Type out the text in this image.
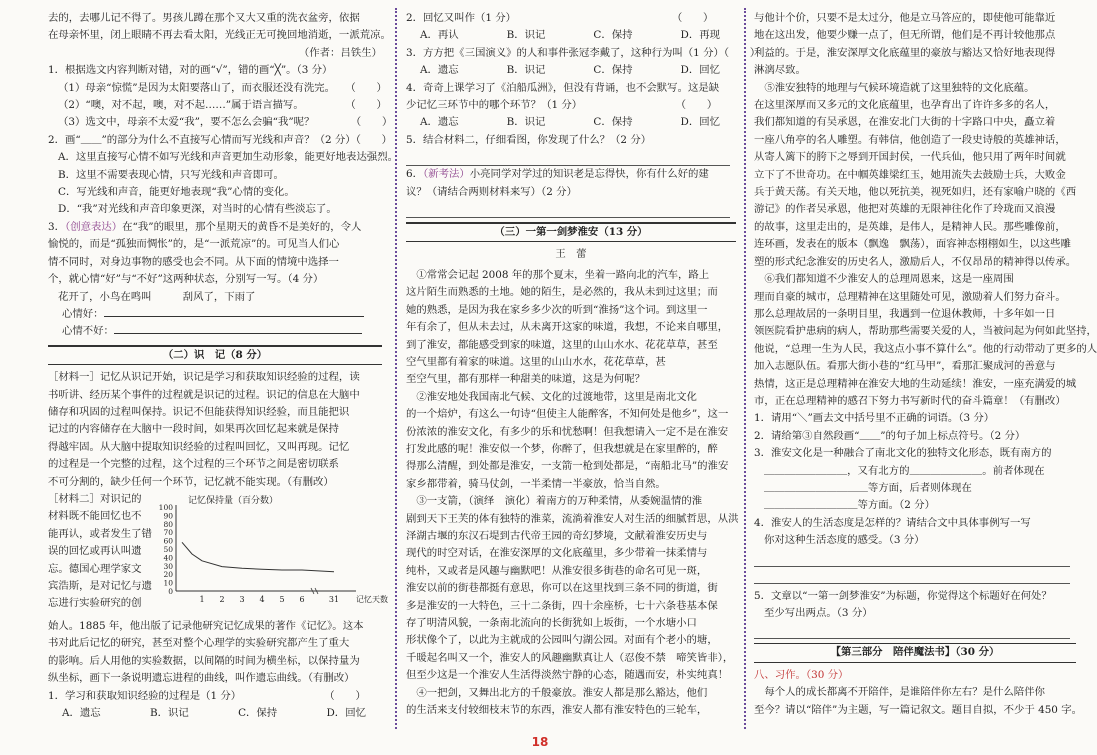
去的，去哪儿记不得了。男孩儿蹲在那个又大又重的洗衣盆旁，依据
在母亲怀里，闭上眼睛不再去看太阳，光线正无可挽回地消逝，一派荒凉。
（作者：吕铁生）
1．根据选文内容判断对错，对的画“√”，错的画“╳”。（3 分）
（1）母亲“惊慌”是因为太阳要落山了，而衣服还没有洗完。　　（　　）
（2）“噢，对不起，噢，对不起……”属于语言描写。　　　　　（　　）
（3）选文中，母亲不太爱“我”，要不怎么会骗“我”呢？　　　　（　　）
2．画“＿＿”的部分为什么不直接写心情而写光线和声音？（2 分）（　　）
A．这里直接写心情不如写光线和声音更加生动形象，能更好地表达强烈。
B．这里不需要表现心情，只写光线和声音即可。
C．写光线和声音，能更好地表现“我”心情的变化。
D．“我”对光线和声音印象更深，对当时的心情有些淡忘了。
3．（创意表达）在“我”的眼里，那个星期天的黄昏不是美好的，令人
愉悦的，而是“孤独而惆怅”的，是“一派荒凉”的。可见当人们心
情不同时，对身边事物的感受也会不同。从下面的情境中选择一
个，就心情“好”与“不好”这两种状态，分别写一写。（4 分）
花开了，小鸟在鸣叫　　　刮风了，下雨了
心情好：
心情不好：
（二）识　记（8 分）
［材料一］记忆从识记开始，识记是学习和获取知识经验的过程，读
书听讲、经历某个事件的过程就是识记的过程。识记的信息在大脑中
储存和巩固的过程叫保持。识记不但能获得知识经验，而且能把识
记过的内容储存在大脑中一段时间，如果再次回忆起来就是保持
得越牢固。从大脑中提取知识经验的过程叫回忆，又叫再现。记忆
的过程是一个完整的过程，这个过程的三个环节之间是密切联系
不可分割的，缺少任何一个环节，记忆就不能实现。（有删改）
记忆保持量（百分数）
0
10
20
30
40
50
60
70
80
90
100
1 2 3 4 5 6	31 记忆天数
［材料二］对识记的
材料既不能回忆也不
能再认，或者发生了错
误的回忆或再认叫遗
忘。德国心理学家文
宾浩斯，是对记忆与遗
忘进行实验研究的创
始人。1885 年，他出版了记录他研究记忆成果的著作《记忆》。这本
书对此后记忆的研究，甚至对整个心理学的实验研究都产生了重大
的影响。后人用他的实验数据，以间隔的时间为横坐标，以保持量为
纵坐标，画下一条说明遗忘进程的曲线，叫作遗忘曲线。（有删改）
1．学习和获取知识经验的过程是（1 分）　　　　　　　　　（　　）
A．遗忘	B．识记	C．保持	D．回忆
2．回忆又叫作（1 分）　　　　　　　　　　　　　　　　（　　）
A．再认	B．识记	C．保持	D．再现
3．方方把《三国演义》的人和事件张冠李戴了，这种行为叫（1 分）（　　）
A．遗忘	B．识记	C．保持	D．回忆
4．奇奇上课学习了《泊船瓜洲》，但没有背诵，也不会默写。这是缺
少记忆三环节中的哪个环节？（1 分）　　　　　　　　　　（　　）
A．遗忘	B．识记	C．保持	D．回忆
5．结合材料二，仔细看图，你发现了什么？（2 分）
6．（新考法）小亮同学对学过的知识老是忘得快，你有什么好的建
议？（请结合两则材料来写）（2 分）
（三）一第一剑梦淮安（13 分）
王　蕾
　①常常会记起 2008 年的那个夏末，坐着一路向北的汽车，路上
这片陌生而熟悉的土地。她的陌生，是必然的，我从未到过这里；而
她的熟悉，是因为我在家乡多少次的听到“淮扬”这个词。到这里一
年有余了，但从未去过，从未离开这家的味道，我想，不论来自哪里，
到了淮安，都能感受到家的味道，这里的山山水水、花花草草，甚至
空气里都有着家的味道。这里的山山水水，花花草草，甚
至空气里，都有那样一种甜美的味道，这是为何呢？
　②淮安地处我国南北气候、文化的过渡地带，这里是南北文化
的一个焙炉，有这么一句诗“但使主人能醉客，不知何处是他乡”，这一
份浓浓的淮安文化，有多少的乐和忧愁啊！但我想请入一定不是在淮安
打发此感的呢！淮安似一个梦，你醉了，但我想就是在家里醉的，醉
得那么清醒，到处都是淮安，一支箭一枪到处都是，“南船北马”的淮安
家乡都带着，骑马仗剑，一半柔情一半豪放，恰当自然。
　③一支箭，（演绎　演化）着南方的万种柔情，从委婉温情的淮
剧到天下王芙的体有独特的淮菜，流淌着淮安人对生活的细腻哲思，从洪
泽湖古堰的东汉石堤到古代帝王园的奇幻梦境，文献着淮安历史与
现代的时空对话，在淮安深厚的文化底蕴里，多少带着一抹柔情与
纯朴，又或者是风趣与幽默吧！从淮安很多街巷的命名可见一斑，
淮安以前的街巷都挺有意思，你可以在这里找到三条不同的街道，街
多是淮安的一大特色，三十二条街，四十余座桥，七十六条巷基本保
存了明清风貌，一条南北流向的长街犹如上坂街，一个水塘小口
形状像个了，以此为主就成的公园叫勺湖公园。对面有个老小的塘，
千暖起名叫又一个，淮安人的风趣幽默真让人（忍俊不禁　啼笑皆非），
但至少这是一个淮安人生活得淡然宁静的心态，随遇而安，朴实纯真！
　④一把剑，又舞出北方的千般豪放。淮安人都是那么豁达，他们
的生活来支付较细枝末节的东西，淮安人都有淮安特色的三轮车，
与他计个价，只要不是太过分，他是立马答应的，即使他可能靠近
地在这出发，他要少赚一点了，但无所谓，他们是不再计较他那点
利益的。于是，淮安深厚文化底蕴里的豪放与豁达又恰好地表现得
淋漓尽致。
　⑤淮安独特的地理与气候环境造就了这里独特的文化底蕴。
在这里深厚而又多元的文化底蕴里，也孕育出了许许多多的名人，
我们都知道的有吴承恩，在淮安北门大街的十字路口中央，矗立着
一座八角亭的名人雕塑。有韩信，他创造了一段史诗般的英雄神话，
从寄人篱下的胯下之辱到开国封侯，一代兵仙，他只用了两年时间就
立下了不世奇功。在中帼英雄梁红玉，她用流失去鼓励士兵，大败金
兵于黄天荡。有关天地，他以死抗美，视死如归，还有家喻户晓的《西
游记》的作者吴承恩，他把对英雄的无限神往化作了玲珑而又浪漫
的故事，这里走出的，是英雄，是伟人，是精神人民。那些雕像前，
连环画，发表在的版本（飘逸　飘荡），面容神态栩栩如生，以这些雕
塑的形式纪念淮安的历史名人，激励后人，不仅昂昂的精神得以传承。
　⑥我们都知道不少淮安人的总理周恩来，这是一座周围
理而自豪的城市，总理精神在这里随处可见，激励着人们努力奋斗。
那么总理故居的一条明目里，我遇到一位退休教师，十多年如一日
领医院看护患病的病人，帮助那些需要关爱的人，当被问起为何如此坚持，
他说，“总理一生为人民，我这点小事不算什么”。他的行动带动了更多的人
加入志愿队伍。看那大街小巷的“红马甲”，看那汇聚成河的善意与
热情，这正是总理精神在淮安大地的生动延续！淮安，一座充满爱的城
市，正在总理精神的感召下努力书写新时代的奋斗篇章！（有删改）
1．请用“＼”画去文中括号里不正确的词语。（3 分）
2．请给第③自然段画“＿＿”的句子加上标点符号。（2 分）
3．淮安文化是一种融合了南北文化的独特文化形态，既有南方的
＿＿＿＿＿＿＿＿，又有北方的＿＿＿＿＿＿＿。前者体现在
＿＿＿＿＿＿＿＿＿＿等方面，后者则体现在
＿＿＿＿＿＿＿＿＿等方面。（2 分）
4．淮安人的生活态度是怎样的？请结合文中具体事例写一写
你对这种生活态度的感受。（3 分）
5．文章以“一第一剑梦淮安”为标题，你觉得这个标题好在何处？
至少写出两点。（3 分）
【第三部分　陪伴魔法书】（30 分）
八、习作。（30 分）
　每个人的成长都离不开陪伴，是谁陪伴你左右？是什么陪伴你
至今？请以“陪伴”为主题，写一篇记叙文。题目自拟，不少于 450 字。
18
